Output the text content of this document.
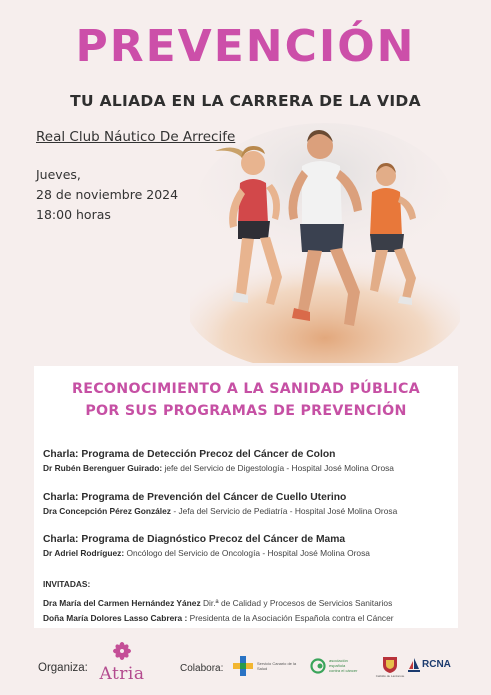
PREVENCIÓN
TU ALIADA EN LA CARRERA DE LA VIDA
Real Club Náutico De Arrecife
Jueves,
28 de noviembre 2024
18:00 horas
RECONOCIMIENTO A LA SANIDAD PÚBLICA
POR SUS PROGRAMAS DE PREVENCIÓN
Charla: Programa de Detección Precoz del Cáncer de Colon
Dr Rubén Berenguer Guirado: jefe del Servicio de Digestología - Hospital José Molina Orosa
Charla: Programa de Prevención del Cáncer de Cuello Uterino
Dra Concepción Pérez González - Jefa del Servicio de Pediatría - Hospital José Molina Orosa
Charla: Programa de Diagnóstico Precoz del Cáncer de Mama
Dr Adriel Rodríguez: Oncólogo del Servicio de Oncología - Hospital José Molina Orosa
INVITADAS:
Dra María del Carmen Hernández Yánez Dir.ª de Calidad y Procesos de Servicios Sanitarios
Doña María Dolores Lasso Cabrera : Presidenta de la Asociación Española contra el Cáncer
Organiza: Atria	Colabora:	Servicio Canario de la Salud
asociación
española
contra el cáncer
Cabildo de Lanzarote
RCNA
